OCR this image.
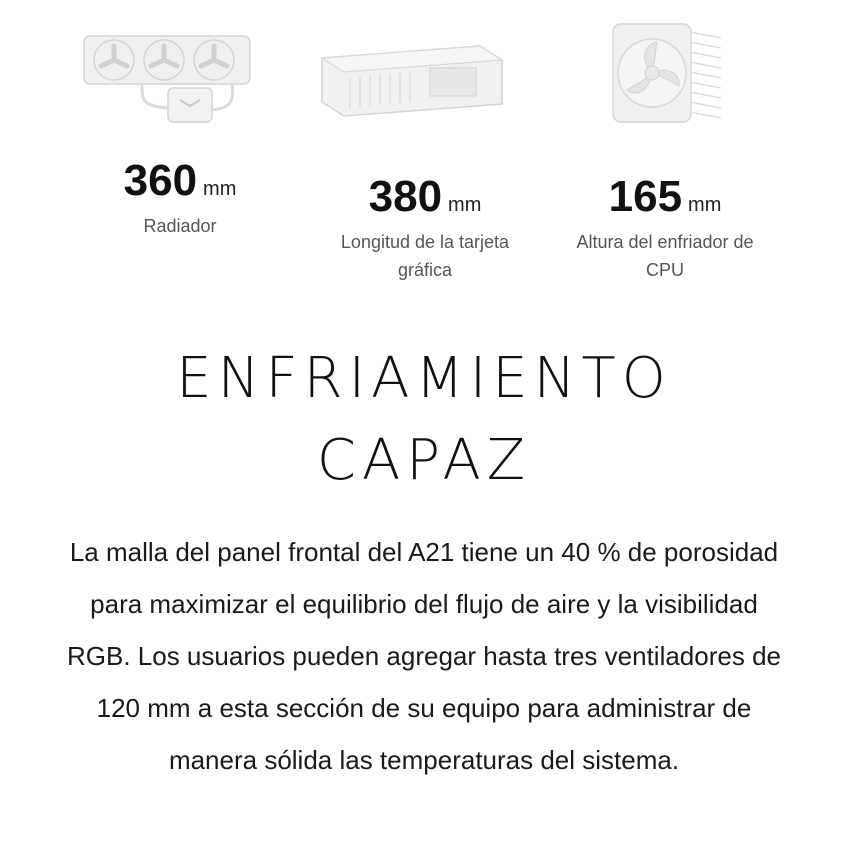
360 mm
Radiador
380 mm
Longitud de la tarjeta
gráfica
165 mm
Altura del enfriador de
CPU
ENFRIAMIENTO
CAPAZ

La malla del panel frontal del A21 tiene un 40 % de porosidad para maximizar el equilibrio del flujo de aire y la visibilidad RGB. Los usuarios pueden agregar hasta tres ventiladores de 120 mm a esta sección de su equipo para administrar de manera sólida las temperaturas del sistema.
